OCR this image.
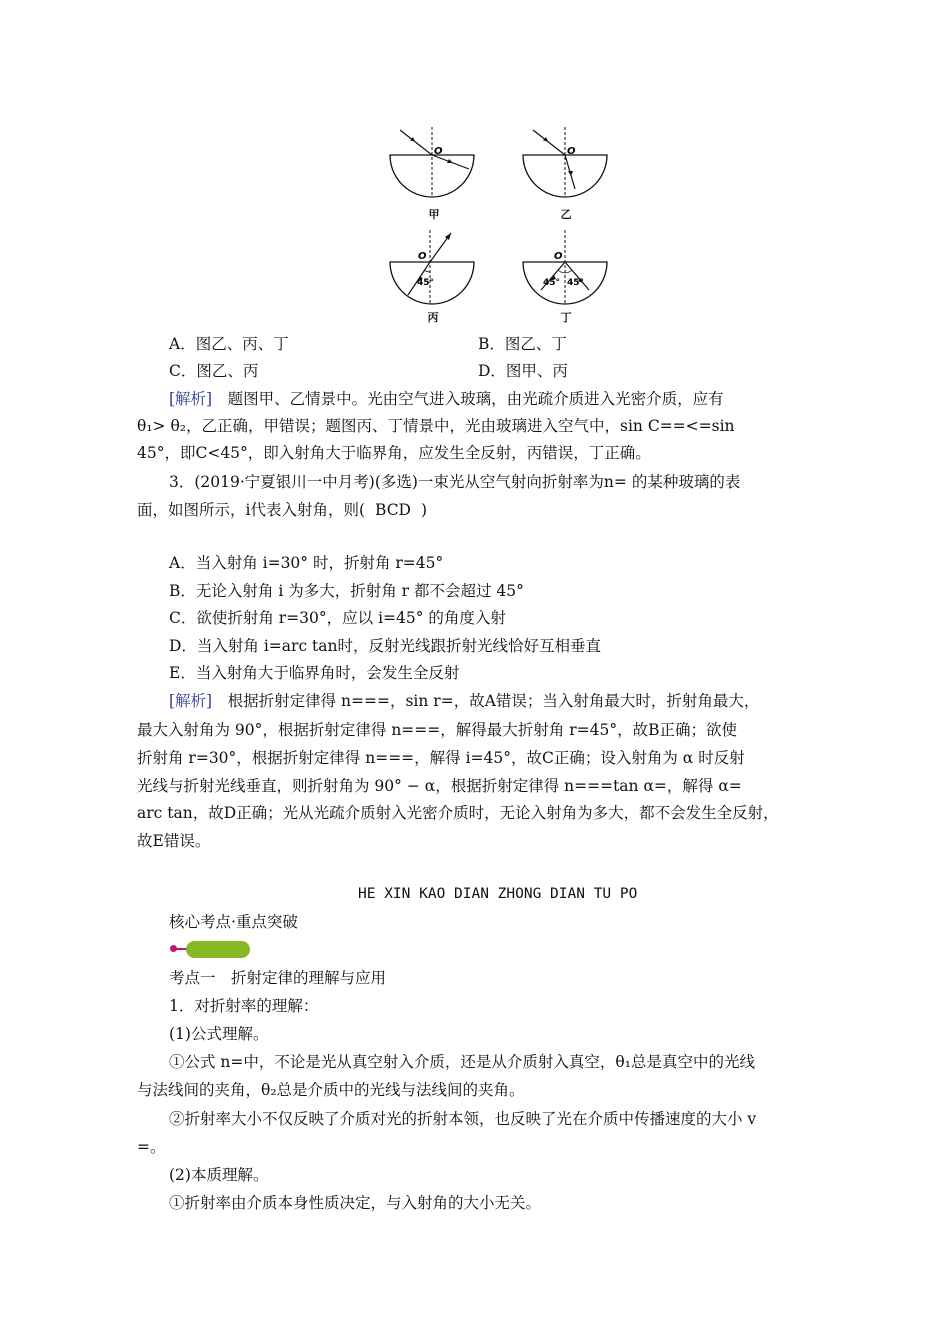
O
甲
O
乙
O
45°
丙
O
45° 45°
丁
A．图乙、丙、丁	B．图乙、丁
C．图乙、丙	D．图甲、丙
[解析]　题图甲、乙情景中。光由空气进入玻璃，由光疏介质进入光密介质，应有
θ₁> θ₂，乙正确，甲错误；题图丙、丁情景中，光由玻璃进入空气中，sin C==<=sin
45°，即C<45°，即入射角大于临界角，应发生全反射，丙错误，丁正确。
3．(2019·宁夏银川一中月考)(多选)一束光从空气射向折射率为n= 的某种玻璃的表
面，如图所示，i代表入射角，则( BCD )
A．当入射角 i=30° 时，折射角 r=45°
B．无论入射角 i 为多大，折射角 r 都不会超过 45°
C．欲使折射角 r=30°，应以 i=45° 的角度入射
D．当入射角 i=arc tan时，反射光线跟折射光线恰好互相垂直
E．当入射角大于临界角时，会发生全反射
[解析]　根据折射定律得 n===，sin r=，故A错误；当入射角最大时，折射角最大，
最大入射角为 90°，根据折射定律得 n===，解得最大折射角 r=45°，故B正确；欲使
折射角 r=30°，根据折射定律得 n===，解得 i=45°，故C正确；设入射角为 α 时反射
光线与折射光线垂直，则折射角为 90° − α，根据折射定律得 n===tan α=，解得 α=
arc tan，故D正确；光从光疏介质射入光密介质时，无论入射角为多大，都不会发生全反射，
故E错误。
HE XIN KAO DIAN ZHONG DIAN TU PO
核心考点·重点突破
考点一　折射定律的理解与应用
1．对折射率的理解：
(1)公式理解。
①公式 n=中，不论是光从真空射入介质，还是从介质射入真空，θ₁总是真空中的光线
与法线间的夹角，θ₂总是介质中的光线与法线间的夹角。
②折射率大小不仅反映了介质对光的折射本领，也反映了光在介质中传播速度的大小 v
=。
(2)本质理解。
①折射率由介质本身性质决定，与入射角的大小无关。
